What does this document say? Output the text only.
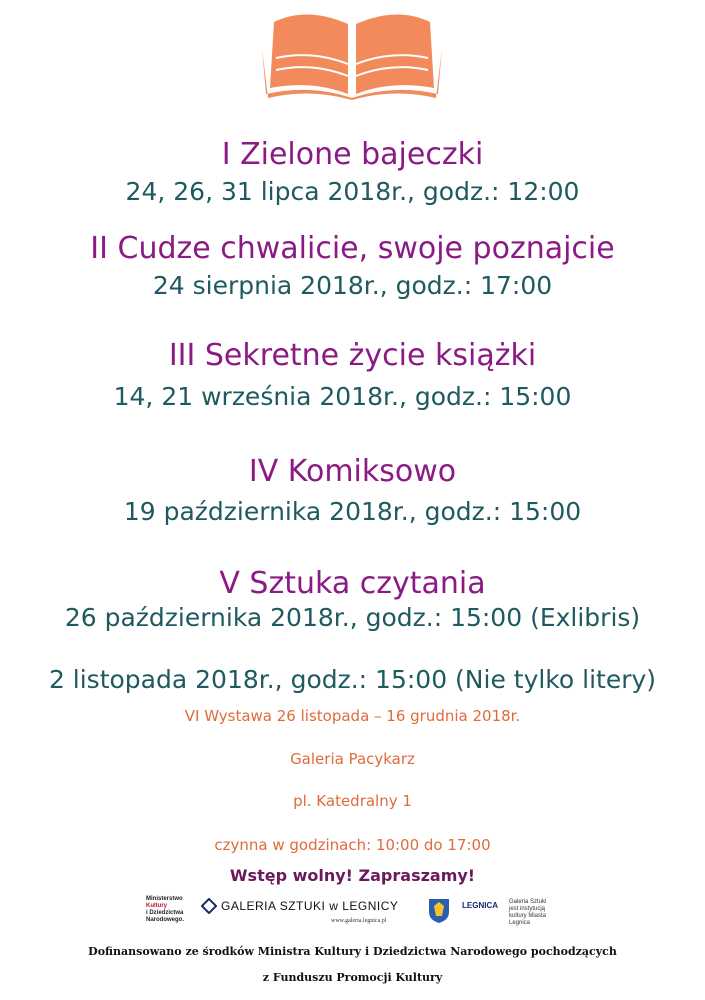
I Zielone bajeczki
24, 26, 31 lipca 2018r., godz.: 12:00
II Cudze chwalicie, swoje poznajcie
24 sierpnia 2018r., godz.: 17:00
III Sekretne życie książki
14, 21 września 2018r., godz.: 15:00
IV Komiksowo
19 października 2018r., godz.: 15:00
V Sztuka czytania
26 października 2018r., godz.: 15:00 (Exlibris)
2 listopada 2018r., godz.: 15:00 (Nie tylko litery)
VI Wystawa 26 listopada – 16 grudnia 2018r.
Galeria Pacykarz
pl. Katedralny 1
czynna w godzinach: 10:00 do 17:00
Wstęp wolny! Zapraszamy!
Ministerstwo
Kultury
i Dziedzictwa
Narodowego.
GALERIA SZTUKI w LEGNICY
www.galeria.legnica.pl
LEGNICA	Galeria Sztuki jest instytucją kultury Miasta Legnica
Dofinansowano ze środków Ministra Kultury i Dziedzictwa Narodowego pochodzących
z Funduszu Promocji Kultury
